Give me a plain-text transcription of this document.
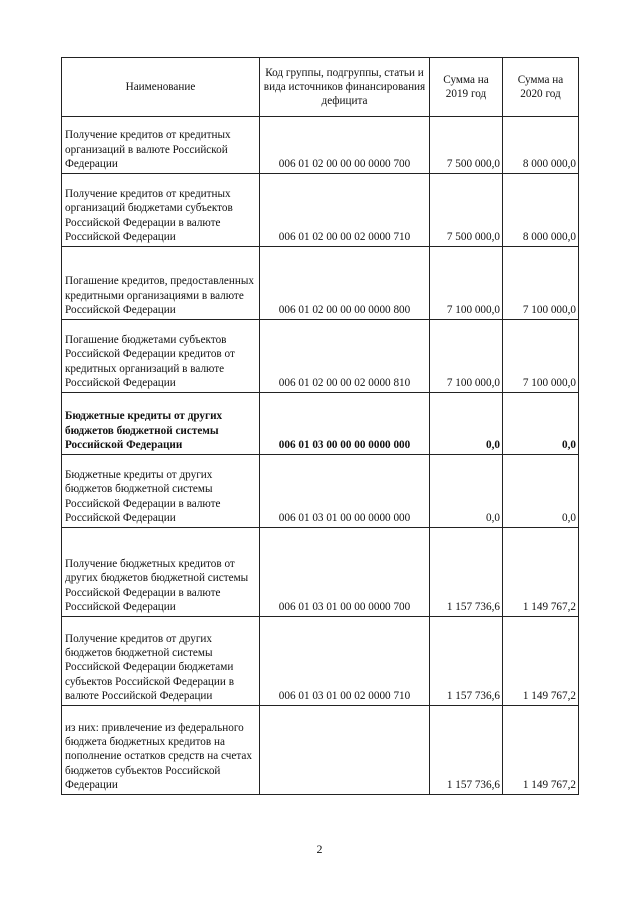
Наименование	Код группы, подгруппы, статьи и вида источников финансирования дефицита	Сумма на 2019 год	Сумма на 2020 год

Получение кредитов от кредитных организаций в валюте Российской Федерации	006 01 02 00 00 00 0000 700	7 500 000,0	8 000 000,0
Получение кредитов от кредитных организаций бюджетами субъектов Российской Федерации в валюте Российской Федерации	006 01 02 00 00 02 0000 710	7 500 000,0	8 000 000,0
Погашение кредитов, предоставленных кредитными организациями в валюте Российской Федерации	006 01 02 00 00 00 0000 800	7 100 000,0	7 100 000,0
Погашение бюджетами субъектов Российской Федерации кредитов от кредитных организаций в валюте Российской Федерации	006 01 02 00 00 02 0000 810	7 100 000,0	7 100 000,0
Бюджетные кредиты от других бюджетов бюджетной системы Российской Федерации	006 01 03 00 00 00 0000 000	0,0	0,0
Бюджетные кредиты от других бюджетов бюджетной системы Российской Федерации в валюте Российской Федерации	006 01 03 01 00 00 0000 000	0,0	0,0
Получение бюджетных кредитов от других бюджетов бюджетной системы Российской Федерации в валюте Российской Федерации	006 01 03 01 00 00 0000 700	1 157 736,6	1 149 767,2
Получение кредитов от других бюджетов бюджетной системы Российской Федерации бюджетами субъектов Российской Федерации в валюте Российской Федерации	006 01 03 01 00 02 0000 710	1 157 736,6	1 149 767,2
из них: привлечение из федерального бюджета бюджетных кредитов на пополнение остатков средств на счетах бюджетов субъектов Российской Федерации		1 157 736,6	1 149 767,2
2
